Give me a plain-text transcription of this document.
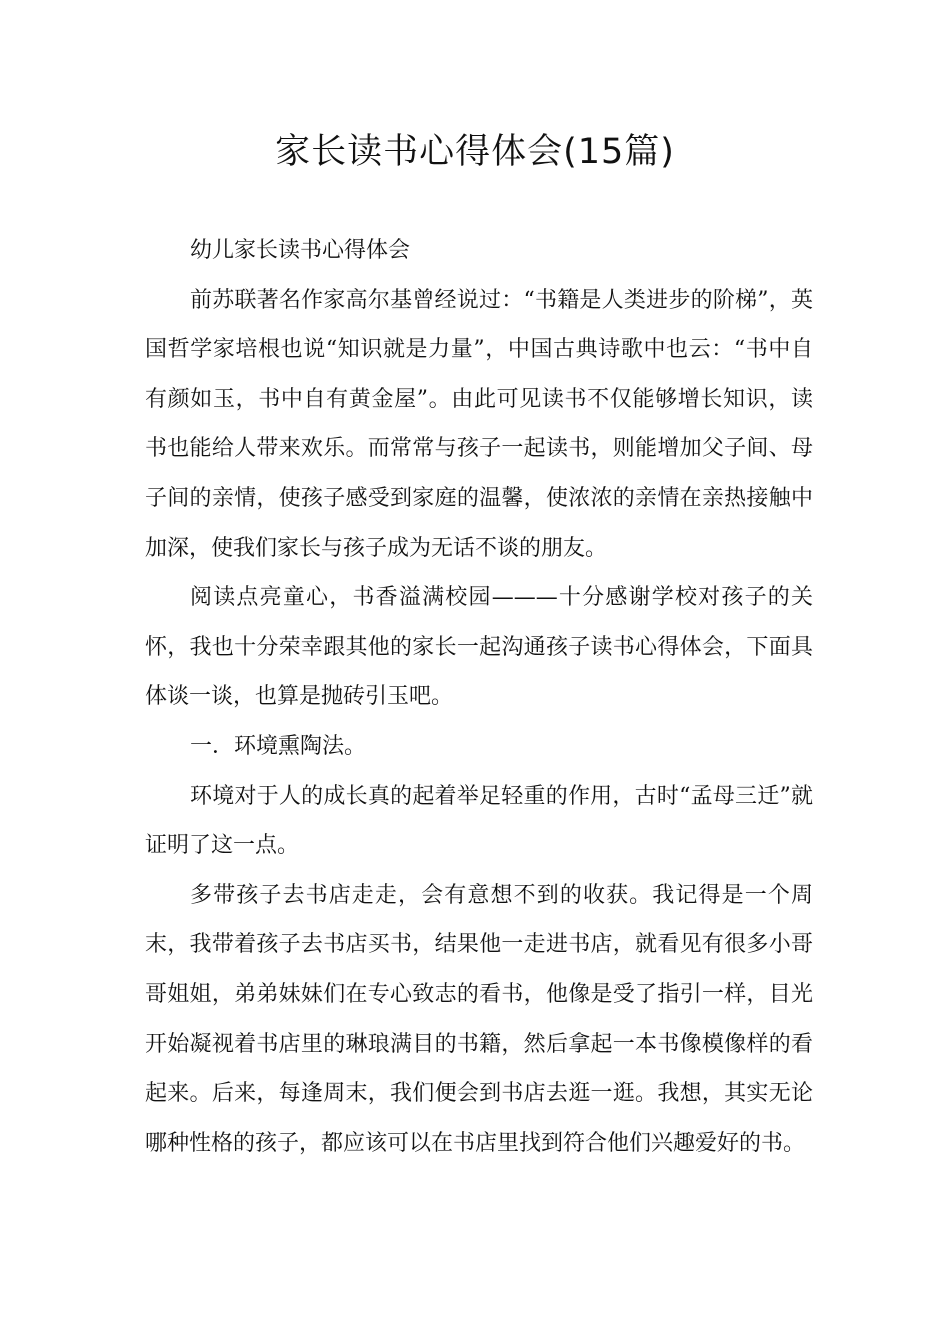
家长读书心得体会(15篇)

幼儿家长读书心得体会

前苏联著名作家高尔基曾经说过：“书籍是人类进步的阶梯”，英国哲学家培根也说“知识就是力量”，中国古典诗歌中也云：“书中自有颜如玉，书中自有黄金屋”。由此可见读书不仅能够增长知识，读书也能给人带来欢乐。而常常与孩子一起读书，则能增加父子间、母子间的亲情，使孩子感受到家庭的温馨，使浓浓的亲情在亲热接触中加深，使我们家长与孩子成为无话不谈的朋友。

阅读点亮童心，书香溢满校园———十分感谢学校对孩子的关怀，我也十分荣幸跟其他的家长一起沟通孩子读书心得体会，下面具体谈一谈，也算是抛砖引玉吧。

一．环境熏陶法。

环境对于人的成长真的起着举足轻重的作用，古时“孟母三迁”就证明了这一点。

多带孩子去书店走走，会有意想不到的收获。我记得是一个周末，我带着孩子去书店买书，结果他一走进书店，就看见有很多小哥哥姐姐，弟弟妹妹们在专心致志的看书，他像是受了指引一样，目光开始凝视着书店里的琳琅满目的书籍，然后拿起一本书像模像样的看起来。后来，每逢周末，我们便会到书店去逛一逛。我想，其实无论哪种性格的孩子，都应该可以在书店里找到符合他们兴趣爱好的书。
